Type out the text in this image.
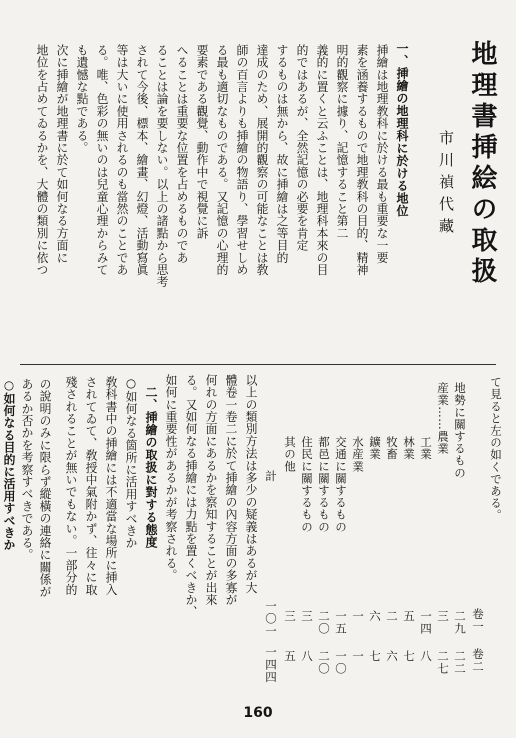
地理書挿絵の取扱
市川禎代藏
一、挿繪の地理科に於ける地位
挿繪は地理教科に於ける最も重要な一要
素を涵養するもので地理教科の目的、精神
明的觀察に據り、記憶すること第二
義的に置くと云ふことは、地理科本來の目
的ではあるが、全然記憶の必要を肯定
するものは無から、故に挿繪は之等目的
達成のため、展開的觀察の可能なことは敎
師の百言よりも挿繪の物語り、學習せしめ
る最も適切なものである。又記憶の心理的
要素である觀覺、動作中で視覺に訴
へることは重要な位置を占めるものであ
ることは論を要しない。以上の諸點から思考
されて今後、標本、繪畫、幻燈、活動寫眞
等は大いに使用されるのも當然のことであ
る。唯、色彩の無いのは兒童心理からみて
も遺憾な點である。
次に挿繪が地理書に於て如何なる方面に
地位を占めてゐるかを、大體の類別に依つ
て見ると左の如くである。
卷一
卷二
地勢に關するもの
二九
二二
産業……農業
三
二七
工業
一四
八
林業
五
七
牧畜
二
六
鑛業
六
七
水産業
一
一
交通に關するもの
一五
一〇
都邑に關するもの
二〇
二〇
住民に關するもの
三
八
其の他
三
五
計
一〇一
一四四
以上の類別方法は多少の疑義はあるが大
體卷一卷二に於て挿繪の內容方面の多寡が
何れの方面にあるかを察知することが出來
る。又如何なる挿繪には力點を置くべきか、
如何に重要性があるかが考察される。
○如何なる箇所に活用すべきか
敎科書中の挿繪には不適當な場所に挿入
されてゐて、敎授中氣附かず、往々に取
殘されることが無いでもない。一部分的	二、挿繪の取扱に對する態度
の說明のみに限らず縱橫の連絡に關係が
あるか否かを考察すべきである。
○如何なる目的に活用すべきか
160
